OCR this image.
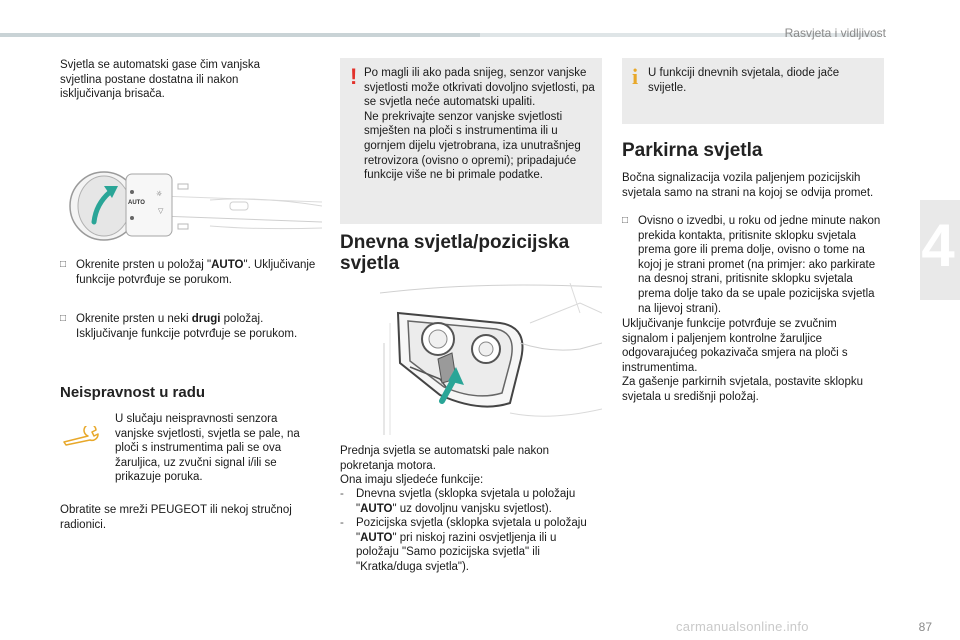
Rasvjeta i vidljivost
4
Svjetla se automatski gase čim vanjska svjetlina postane dostatna ili nakon isključivanja brisača.
AUTO
☼
▽
□ Okrenite prsten u položaj "AUTO". Uključivanje funkcije potvrđuje se porukom.
□ Okrenite prsten u neki drugi položaj. Isključivanje funkcije potvrđuje se porukom.
Neispravnost u radu
U slučaju neispravnosti senzora vanjske svjetlosti, svjetla se pale, na ploči s instrumentima pali se ova žaruljica, uz zvučni signal i/ili se prikazuje poruka.
Obratite se mreži PEUGEOT ili nekoj stručnoj radionici.
! Po magli ili ako pada snijeg, senzor vanjske svjetlosti može otkrivati dovoljno svjetlosti, pa se svjetla neće automatski upaliti.
Ne prekrivajte senzor vanjske svjetlosti smješten na ploči s instrumentima ili u gornjem dijelu vjetrobrana, iza unutrašnjeg retrovizora (ovisno o opremi); pripadajuće funkcije više ne bi primale podatke.
Dnevna svjetla/pozicijska svjetla
Prednja svjetla se automatski pale nakon pokretanja motora.
Ona imaju sljedeće funkcije:
- Dnevna svjetla (sklopka svjetala u položaju "AUTO" uz dovoljnu vanjsku svjetlost).
- Pozicijska svjetla (sklopka svjetala u položaju "AUTO" pri niskoj razini osvjetljenja ili u položaju "Samo pozicijska svjetla" ili "Kratka/duga svjetla").
i U funkciji dnevnih svjetala, diode jače svijetle.
Parkirna svjetla
Bočna signalizacija vozila paljenjem pozicijskih svjetala samo na strani na kojoj se odvija promet.
□ Ovisno o izvedbi, u roku od jedne minute nakon prekida kontakta, pritisnite sklopku svjetala prema gore ili prema dolje, ovisno o tome na kojoj je strani promet (na primjer: ako parkirate na desnoj strani, pritisnite sklopku svjetala prema dolje tako da se upale pozicijska svjetla na lijevoj strani).
Uključivanje funkcije potvrđuje se zvučnim signalom i paljenjem kontrolne žaruljice odgovarajućeg pokazivača smjera na ploči s instrumentima.
Za gašenje parkirnih svjetala, postavite sklopku svjetala u središnji položaj.
carmanualsonline.info	87
